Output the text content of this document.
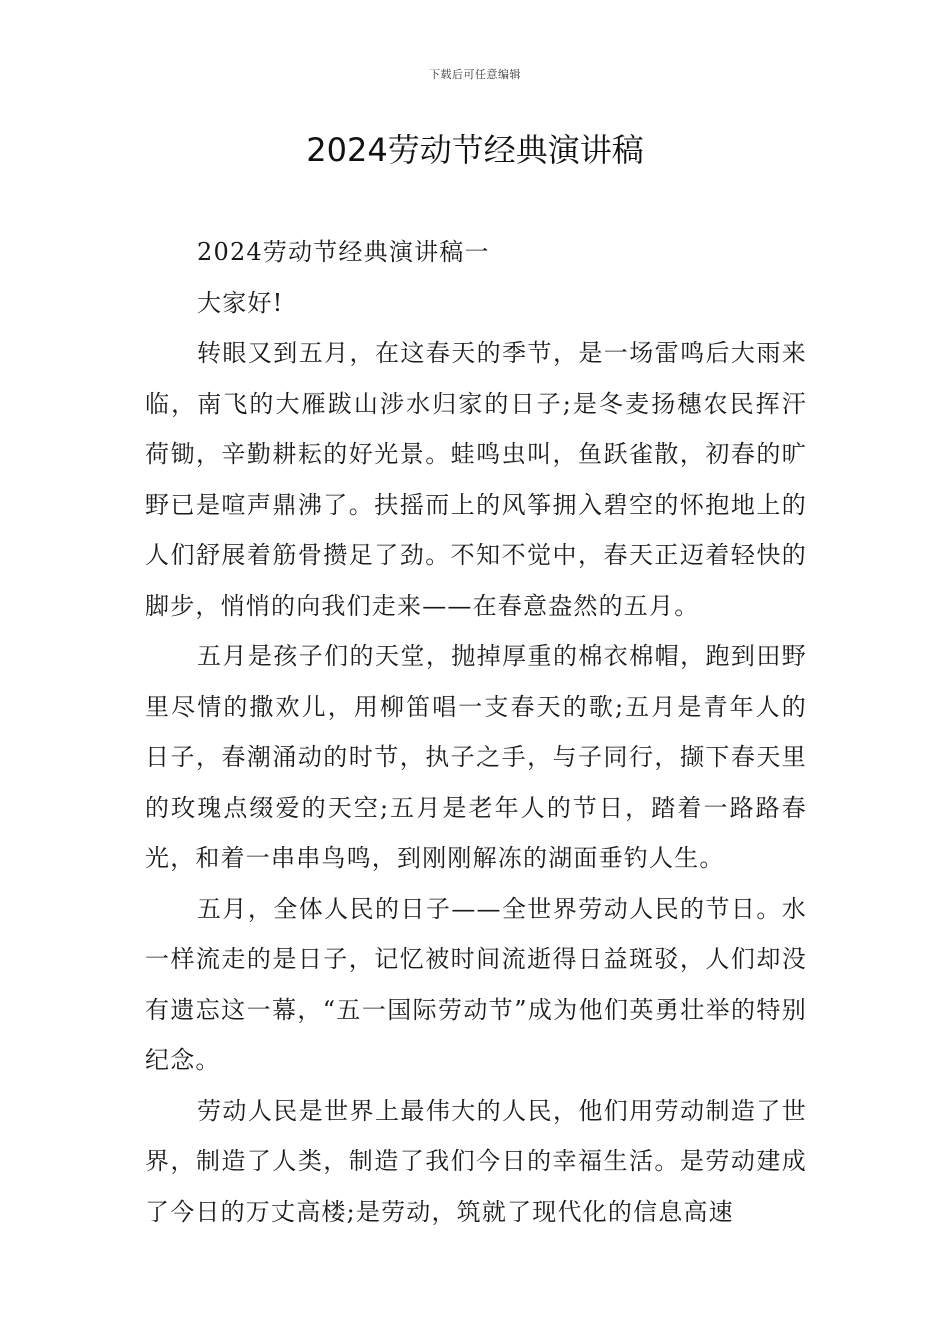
下载后可任意编辑
2024劳动节经典演讲稿

2024劳动节经典演讲稿一

大家好!

转眼又到五月，在这春天的季节，是一场雷鸣后大雨来临，南飞的大雁跋山涉水归家的日子;是冬麦扬穗农民挥汗荷锄，辛勤耕耘的好光景。蛙鸣虫叫，鱼跃雀散，初春的旷野已是喧声鼎沸了。扶摇而上的风筝拥入碧空的怀抱地上的人们舒展着筋骨攒足了劲。不知不觉中，春天正迈着轻快的脚步，悄悄的向我们走来——在春意盎然的五月。

五月是孩子们的天堂，抛掉厚重的棉衣棉帽，跑到田野里尽情的撒欢儿，用柳笛唱一支春天的歌;五月是青年人的日子，春潮涌动的时节，执子之手，与子同行，撷下春天里的玫瑰点缀爱的天空;五月是老年人的节日，踏着一路路春光，和着一串串鸟鸣，到刚刚解冻的湖面垂钓人生。

五月，全体人民的日子——全世界劳动人民的节日。水一样流走的是日子，记忆被时间流逝得日益斑驳，人们却没有遗忘这一幕，“五一国际劳动节”成为他们英勇壮举的特别纪念。

劳动人民是世界上最伟大的人民，他们用劳动制造了世界，制造了人类，制造了我们今日的幸福生活。是劳动建成了今日的万丈高楼;是劳动，筑就了现代化的信息高速
